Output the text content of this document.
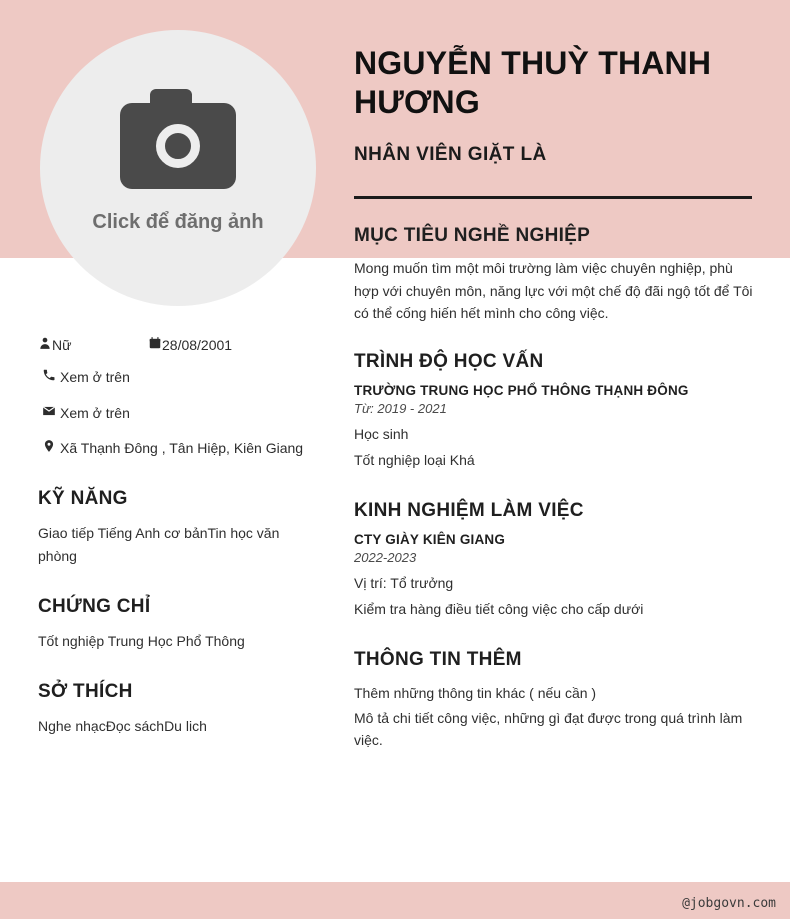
Click để đăng ảnh
NGUYỄN THUỲ THANH HƯƠNG
NHÂN VIÊN GIẶT LÀ
MỤC TIÊU NGHỀ NGHIỆP
Mong muốn tìm một môi trường làm việc chuyên nghiệp, phù hợp với chuyên môn, năng lực với một chế độ đãi ngộ tốt để Tôi có thể cống hiến hết mình cho công việc.
TRÌNH ĐỘ HỌC VẤN
TRƯỜNG TRUNG HỌC PHỔ THÔNG THẠNH ĐÔNG
Từ: 2019 - 2021
Học sinh
Tốt nghiệp loại Khá
KINH NGHIỆM LÀM VIỆC
CTY GIÀY KIÊN GIANG
2022-2023
Vị trí: Tổ trưởng
Kiểm tra hàng điều tiết công việc cho cấp dưới
THÔNG TIN THÊM
Thêm những thông tin khác ( nếu cần )
Mô tả chi tiết công việc, những gì đạt được trong quá trình làm việc.
Nữ	28/08/2001
Xem ở trên
Xem ở trên
Xã Thạnh Đông , Tân Hiệp, Kiên Giang
KỸ NĂNG
Giao tiếp Tiếng Anh cơ bảnTin học văn phòng
CHỨNG CHỈ
Tốt nghiệp Trung Học Phổ Thông
SỞ THÍCH
Nghe nhạcĐọc sáchDu lich
@jobgovn.com
